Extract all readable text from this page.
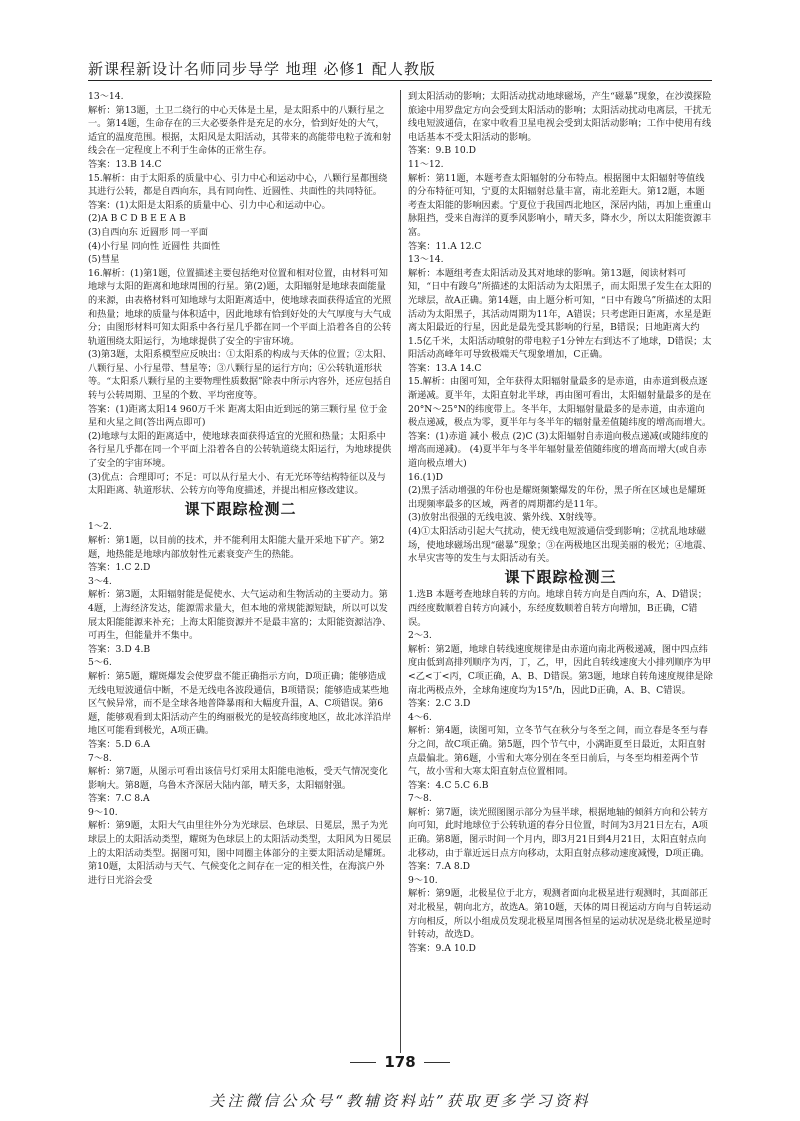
新课程新设计名师同步导学 地理 必修1 配人教版

13～14.

解析：第13题，土卫二绕行的中心天体是土星，是太阳系中的八颗行星之一。第14题，生命存在的三大必要条件是充足的水分，恰到好处的大气，适宜的温度范围。根据，太阳风是太阳活动，其带来的高能带电粒子流和射线会在一定程度上不利于生命体的正常生存。

答案：13.B 14.C

15.解析：由于太阳系的质量中心、引力中心和运动中心，八颗行星都围绕其进行公转，都是自西向东，具有同向性、近圆性、共面性的共同特征。

答案：(1)太阳是太阳系的质量中心、引力中心和运动中心。

(2)A B C D B E E A B

(3)自西向东 近圆形 同一平面

(4)小行星 同向性 近圆性 共面性

(5)彗星

16.解析：(1)第1题，位置描述主要包括绝对位置和相对位置，由材料可知地球与太阳的距离和地球周围的行星。第(2)题，太阳辐射是地球表面能量的来源，由表格材料可知地球与太阳距离适中，使地球表面获得适宜的光照和热量；地球的质量与体积适中，因此地球有恰到好处的大气厚度与大气成分；由图形材料可知太阳系中各行星几乎都在同一个平面上沿着各自的公转轨道围绕太阳运行，为地球提供了安全的宇宙环境。

(3)第3题，太阳系模型应反映出：①太阳系的构成与天体的位置；②太阳、八颗行星、小行星带、彗星等；③八颗行星的运行方向；④公转轨道形状等。“太阳系八颗行星的主要物理性质数据”除表中所示内容外，还应包括自转与公转周期、卫星的个数、平均密度等。

答案：(1)距离太阳14 960万千米 距离太阳由近到远的第三颗行星 位于金星和火星之间(答出两点即可)

(2)地球与太阳的距离适中，使地球表面获得适宜的光照和热量；太阳系中各行星几乎都在同一个平面上沿着各自的公转轨道绕太阳运行，为地球提供了安全的宇宙环境。

(3)优点：合理即可；不足：可以从行星大小、有无光环等结构特征以及与太阳距离、轨道形状、公转方向等角度描述，并提出相应修改建议。

课下跟踪检测二

1～2.

解析：第1题，以目前的技术，并不能利用太阳能大量开采地下矿产。第2题，地热能是地球内部放射性元素衰变产生的热能。

答案：1.C 2.D

3～4.

解析：第3题，太阳辐射能是促使水、大气运动和生物活动的主要动力。第4题，上海经济发达，能源需求量大，但本地的常规能源短缺，所以可以发展太阳能能源来补充；上海太阳能资源并不是最丰富的；太阳能资源洁净、可再生，但能量并不集中。

答案：3.D 4.B

5～6.

解析：第5题，耀斑爆发会使罗盘不能正确指示方向，D项正确；能够造成无线电短波通信中断，不是无线电各波段通信，B项错误；能够造成某些地区气候异常，而不是全球各地普降暴雨和大幅度升温，A、C项错误。第6题，能够观看到太阳活动产生的绚丽极光的是较高纬度地区，故北冰洋沿岸地区可能看到极光，A项正确。

答案：5.D 6.A

7～8.

解析：第7题，从图示可看出该信号灯采用太阳能电池板，受天气情况变化影响大。第8题，乌鲁木齐深居大陆内部，晴天多，太阳辐射强。

答案：7.C 8.A

9～10.

解析：第9题，太阳大气由里往外分为光球层、色球层、日冕层，黑子为光球层上的太阳活动类型，耀斑为色球层上的太阳活动类型，太阳风为日冕层上的太阳活动类型。据图可知，图中同圈主体部分的主要太阳活动是耀斑。第10题，太阳活动与天气、气候变化之间存在一定的相关性，在海滨户外进行日光浴会受

到太阳活动的影响；太阳活动扰动地球磁场，产生“磁暴”现象，在沙漠探险旅途中用罗盘定方向会受到太阳活动的影响；太阳活动扰动电离层，干扰无线电短波通信，在家中收看卫星电视会受到太阳活动影响；工作中使用有线电话基本不受太阳活动的影响。

答案：9.B 10.D

11～12.

解析：第11题，本题考查太阳辐射的分布特点。根据图中太阳辐射等值线的分布特征可知，宁夏的太阳辐射总量丰富，南北差距大。第12题，本题考查太阳能的影响因素。宁夏位于我国西北地区，深居内陆，再加上重重山脉阻挡，受来自海洋的夏季风影响小，晴天多，降水少，所以太阳能资源丰富。

答案：11.A 12.C

13～14.

解析：本题组考查太阳活动及其对地球的影响。第13题，阅读材料可知，“日中有踆乌”所描述的太阳活动为太阳黑子，而太阳黑子发生在太阳的光球层，故A正确。第14题，由上题分析可知，“日中有踆乌”所描述的太阳活动为太阳黑子，其活动周期为11年，A错误；只考虑距日距离，水星是距离太阳最近的行星，因此是最先受其影响的行星，B错误；日地距离大约1.5亿千米，太阳活动喷射的带电粒子1分钟左右到达不了地球，D错误；太阳活动高峰年可导致极端天气现象增加，C正确。

答案：13.A 14.C

15.解析：由图可知，全年获得太阳辐射量最多的是赤道，由赤道到极点逐渐递减。夏半年，太阳直射北半球，再由图可看出，太阳辐射量最多的是在20°N～25°N的纬度带上。冬半年，太阳辐射量最多的是赤道，由赤道向极点递减，极点为零，夏半年与冬半年的辐射量差值随纬度的增高而增大。

答案：(1)赤道 减小 极点 (2)C (3)太阳辐射自赤道向极点递减(或随纬度的增高而递减)。 (4)夏半年与冬半年辐射量差值随纬度的增高而增大(或自赤道向极点增大)

16.(1)D

(2)黑子活动增强的年份也是耀斑频繁爆发的年份，黑子所在区域也是耀斑出现频率最多的区域，两者的周期都约是11年。

(3)放射出很强的无线电波、紫外线、X射线等。

(4)①太阳活动引起大气扰动，使无线电短波通信受到影响；②扰乱地球磁场，使地球磁场出现“磁暴”现象；③在两极地区出现美丽的极光；④地震、水旱灾害等的发生与太阳活动有关。

课下跟踪检测三

1.选B 本题考查地球自转的方向。地球自转方向是自西向东，A、D错误；西经度数顺着自转方向减小，东经度数顺着自转方向增加，B正确，C错误。

2～3.

解析：第2题，地球自转线速度规律是由赤道向南北两极递减，图中四点纬度由低到高排列顺序为丙，丁，乙，甲，因此自转线速度大小排列顺序为甲<乙<丁<丙，C项正确，A、B、D错误。第3题，地球自转角速度规律是除南北两极点外，全球角速度均为15°/h，因此D正确，A、B、C错误。

答案：2.C 3.D

4～6.

解析：第4题，读图可知，立冬节气在秋分与冬至之间，而立春是冬至与春分之间，故C项正确。第5题，四个节气中，小满距夏至日最近，太阳直射点最偏北。第6题，小雪和大寒分别在冬至日前后，与冬至均相差两个节气，故小雪和大寒太阳直射点位置相同。

答案：4.C 5.C 6.B

7～8.

解析：第7题，读光照图图示部分为昼半球，根据地轴的倾斜方向和公转方向可知，此时地球位于公转轨道的春分日位置，时间为3月21日左右，A项正确。第8题，图示时间一个月内，即3月21日到4月21日，太阳直射点向北移动，由于靠近远日点方向移动，太阳直射点移动速度减慢，D项正确。

答案：7.A 8.D

9～10.

解析：第9题，北极星位于北方，观测者面向北极星进行观测时，其面部正对北极星，朝向北方，故选A。第10题，天体的周日视运动方向与自转运动方向相反，所以小组成员发现北极星周围各恒星的运动状况是绕北极星逆时针转动，故选D。

答案：9.A 10.D

178
关注微信公众号“教辅资料站”获取更多学习资料
